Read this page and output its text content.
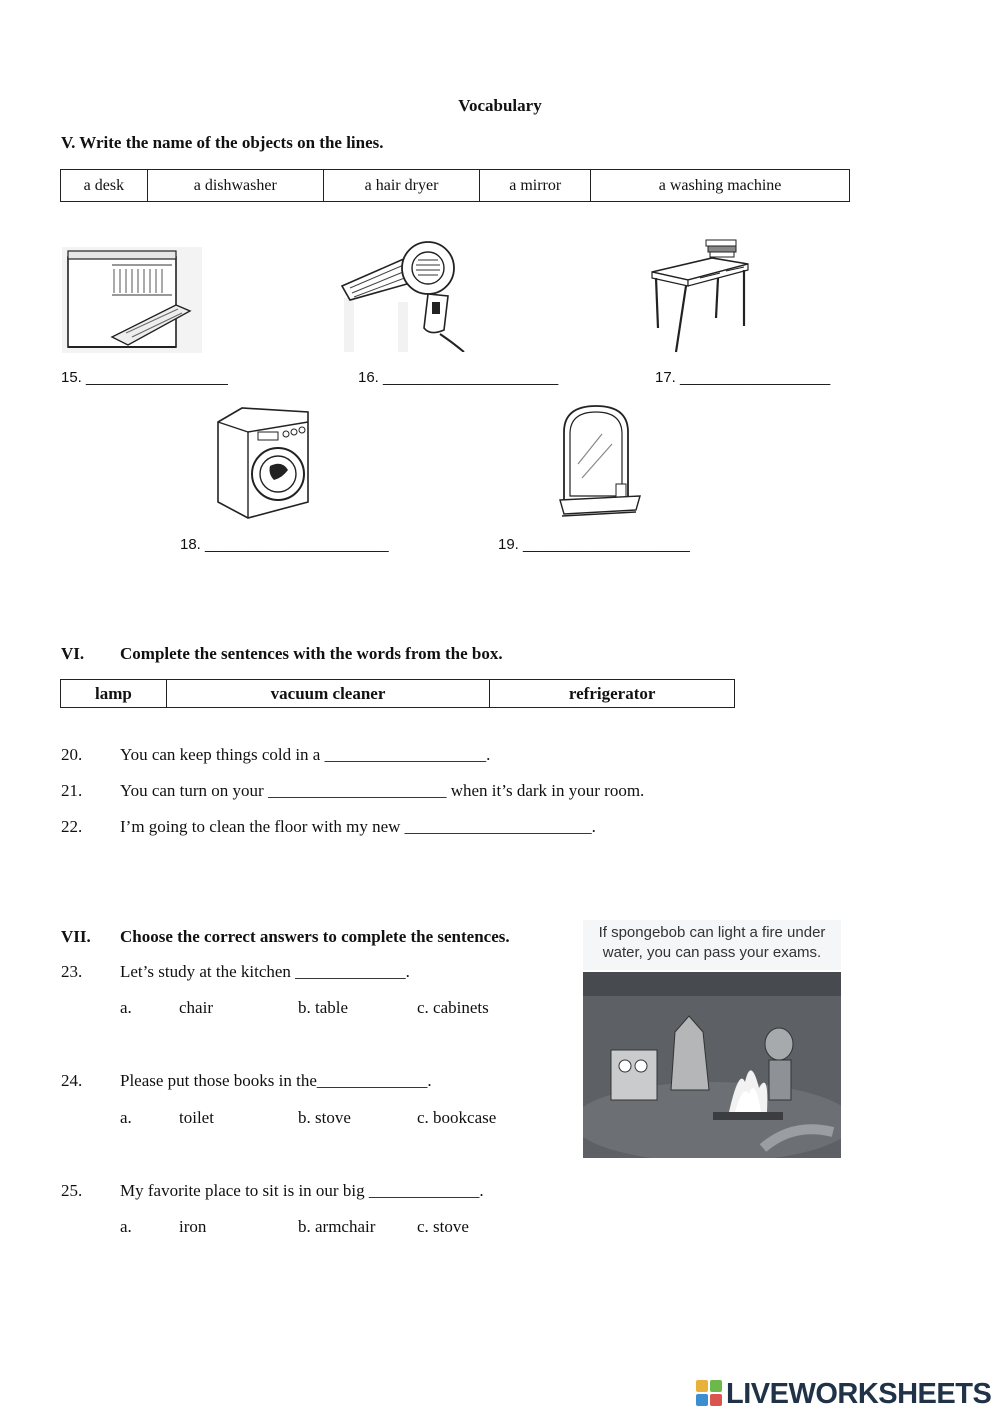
Vocabulary
V. Write the name of the objects on the lines.
a desk	a dishwasher	a hair dryer	a mirror	a washing machine
15. _________________	16. _____________________	17. __________________
18. ______________________	19. ____________________
VI. Complete the sentences with the words from the box.
lamp	vacuum cleaner	refrigerator
20. You can keep things cold in a ___________________.
21. You can turn on your _____________________ when it’s dark in your room.
22. I’m going to clean the floor with my new ______________________.
VII. Choose the correct answers to complete the sentences.
23. Let’s study at the kitchen _____________.
a.	chair	b. table	c. cabinets
24. Please put those books in the_____________.
a.	toilet	b. stove	c. bookcase
25. My favorite place to sit is in our big _____________.
a.	iron	b. armchair c. stove
If spongebob can light a fire under water, you can pass your exams.
LIVEWORKSHEETS
